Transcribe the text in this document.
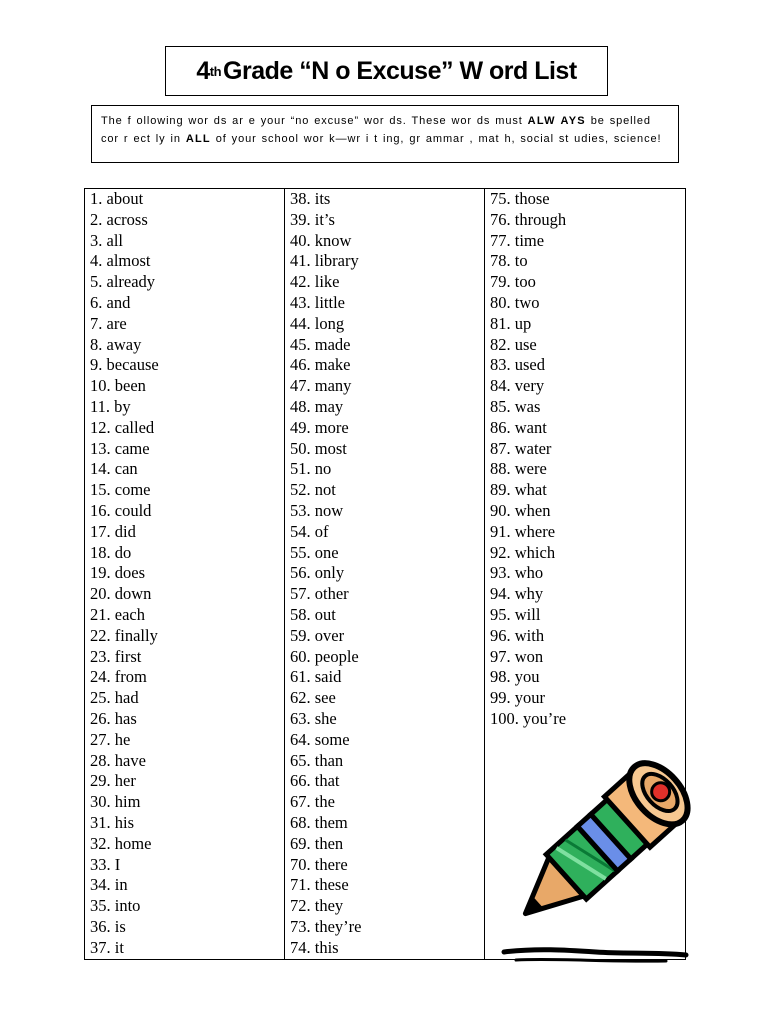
4 th Grade “N o Excuse” W ord List
The f ollowing wor ds ar e your “no excuse” wor ds. These wor ds must ALW AYS be spelled cor r ect ly in ALL of your school wor k—wr i t ing, gr ammar , mat h, social st udies, science!
1. about
2. across
3. all
4. almost
5. already
6. and
7. are
8. away
9. because
10. been
11. by
12. called
13. came
14. can
15. come
16. could
17. did
18. do
19. does
20. down
21. each
22. finally
23. first
24. from
25. had
26. has
27. he
28. have
29. her
30. him
31. his
32. home
33. I
34. in
35. into
36. is
37. it
38. its
39. it’s
40. know
41. library
42. like
43. little
44. long
45. made
46. make
47. many
48. may
49. more
50. most
51. no
52. not
53. now
54. of
55. one
56. only
57. other
58. out
59. over
60. people
61. said
62. see
63. she
64. some
65. than
66. that
67. the
68. them
69. then
70. there
71. these
72. they
73. they’re
74. this
75. those
76. through
77. time
78. to
79. too
80. two
81. up
82. use
83. used
84. very
85. was
86. want
87. water
88. were
89. what
90. when
91. where
92. which
93. who
94. why
95. will
96. with
97. won
98. you
99. your
100. you’re
